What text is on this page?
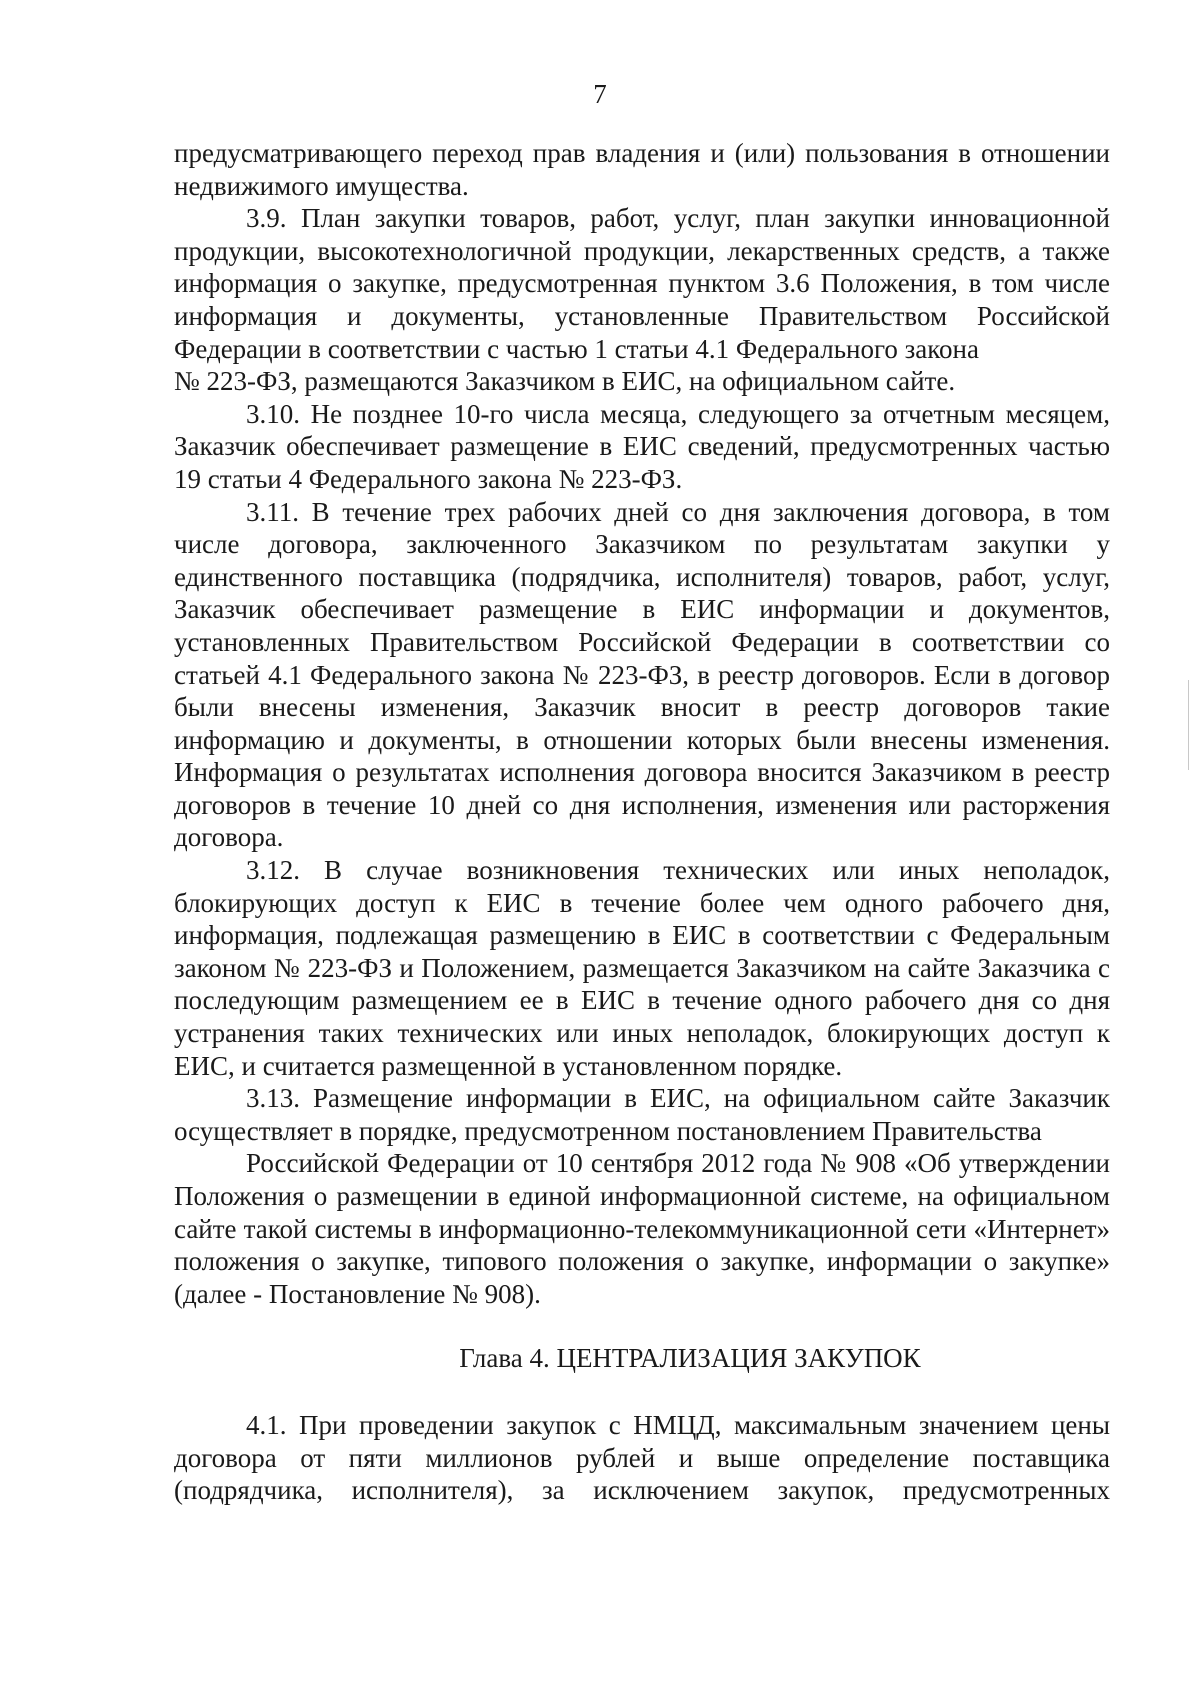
7

предусматривающего переход прав владения и (или) пользования в отношении недвижимого имущества.

3.9. План закупки товаров, работ, услуг, план закупки инновационной продукции, высокотехнологичной продукции, лекарственных средств, а также информация о закупке, предусмотренная пунктом 3.6 Положения, в том числе информация и документы, установленные Правительством Российской Федерации в соответствии с частью 1 статьи 4.1 Федерального закона

№ 223-ФЗ, размещаются Заказчиком в ЕИС, на официальном сайте.

3.10. Не позднее 10-го числа месяца, следующего за отчетным месяцем, Заказчик обеспечивает размещение в ЕИС сведений, предусмотренных частью 19 статьи 4 Федерального закона № 223-ФЗ.

3.11. В течение трех рабочих дней со дня заключения договора, в том числе договора, заключенного Заказчиком по результатам закупки у единственного поставщика (подрядчика, исполнителя) товаров, работ, услуг, Заказчик обеспечивает размещение в ЕИС информации и документов, установленных Правительством Российской Федерации в соответствии со статьей 4.1 Федерального закона № 223-ФЗ, в реестр договоров. Если в договор были внесены изменения, Заказчик вносит в реестр договоров такие информацию и документы, в отношении которых были внесены изменения. Информация о результатах исполнения договора вносится Заказчиком в реестр договоров в течение 10 дней со дня исполнения, изменения или расторжения договора.

3.12. В случае возникновения технических или иных неполадок, блокирующих доступ к ЕИС в течение более чем одного рабочего дня, информация, подлежащая размещению в ЕИС в соответствии с Федеральным законом № 223-ФЗ и Положением, размещается Заказчиком на сайте Заказчика с последующим размещением ее в ЕИС в течение одного рабочего дня со дня устранения таких технических или иных неполадок, блокирующих доступ к ЕИС, и считается размещенной в установленном порядке.

3.13. Размещение информации в ЕИС, на официальном сайте Заказчик осуществляет в порядке, предусмотренном постановлением Правительства

Российской Федерации от 10 сентября 2012 года № 908 «Об утверждении Положения о размещении в единой информационной системе, на официальном сайте такой системы в информационно-телекоммуникационной сети «Интернет» положения о закупке, типового положения о закупке, информации о закупке» (далее - Постановление № 908).

Глава 4. ЦЕНТРАЛИЗАЦИЯ ЗАКУПОК

4.1. При проведении закупок с НМЦД, максимальным значением цены договора от пяти миллионов рублей и выше определение поставщика (подрядчика, исполнителя), за исключением закупок, предусмотренных
